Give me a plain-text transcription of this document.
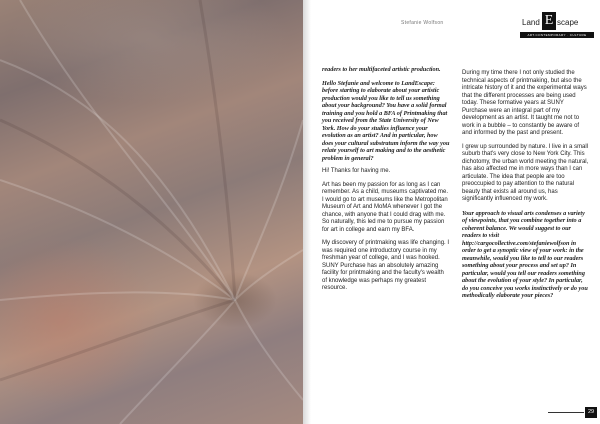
Stefanie Wolfson	Land E scape
ART.CONTEMPORARY · CULTURE

readers to her multifaceted artistic production.

Hello Stefanie and welcome to LandEscape: before starting to elaborate about your artistic production would you like to tell us something about your background? You have a solid formal training and you hold a BFA of Printmaking that you received from the State University of New York. How do your studies influence your evolution as an artist? And in particular, how does your cultural substratum inform the way you relate yourself to art making and to the aesthetic problem in general?

Hi! Thanks for having me.

Art has been my passion for as long as I can remember. As a child, museums captivated me. I would go to art museums like the Metropolitan Museum of Art and MoMA whenever I got the chance, with anyone that I could drag with me. So naturally, this led me to pursue my passion for art in college and earn my BFA.

My discovery of printmaking was life changing. I was required one introductory course in my freshman year of college, and I was hooked. SUNY Purchase has an absolutely amazing facility for printmaking and the faculty's wealth of knowledge was perhaps my greatest resource.

During my time there I not only studied the technical aspects of printmaking, but also the intricate history of it and the experimental ways that the different processes are being used today. These formative years at SUNY Purchase were an integral part of my development as an artist. It taught me not to work in a bubble – to constantly be aware of and informed by the past and present.

I grew up surrounded by nature. I live in a small suburb that's very close to New York City. This dichotomy, the urban world meeting the natural, has also affected me in more ways than I can articulate. The idea that people are too preoccupied to pay attention to the natural beauty that exists all around us, has significantly influenced my work.

Your approach to visual arts condenses a variety of viewpoints, that you combine together into a coherent balance. We would suggest to our readers to visit http://cargocollective.com/stefaniewolfson in order to get a synoptic view of your work: in the meanwhile, would you like to tell to our readers something about your process and set up? In particular, would you tell our readers something about the evolution of your style? In particular, do you conceive you works instinctively or do you methodically elaborate your pieces?

29
